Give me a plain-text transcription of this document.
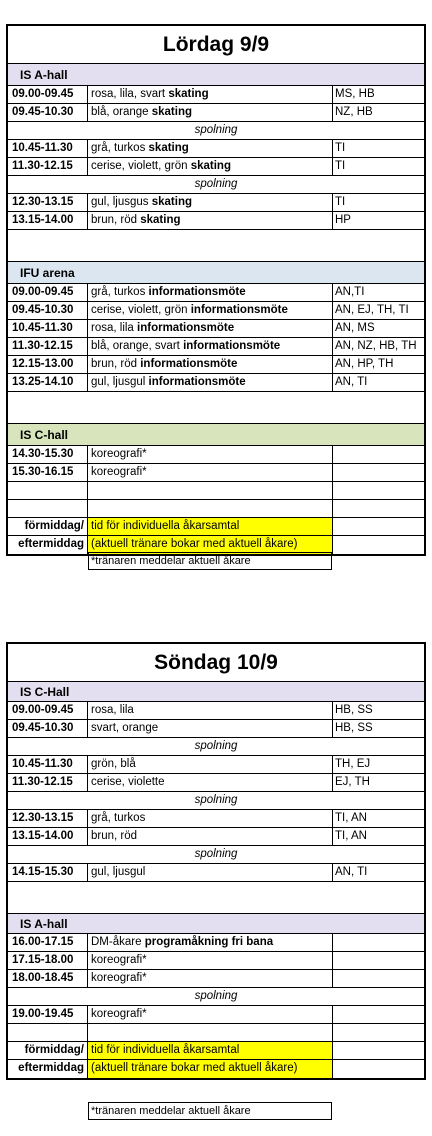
Lördag 9/9
IS A-hall
09.00-09.45	rosa, lila, svart skating	MS, HB
09.45-10.30	blå, orange skating	NZ, HB
spolning
10.45-11.30	grå, turkos skating	TI
11.30-12.15	cerise, violett, grön skating	TI
spolning
12.30-13.15	gul, ljusgus skating	TI
13.15-14.00	brun, röd skating	HP
IFU arena
09.00-09.45	grå, turkos informationsmöte	AN,TI
09.45-10.30	cerise, violett, grön informationsmöte	AN, EJ, TH, TI
10.45-11.30	rosa, lila informationsmöte	AN, MS
11.30-12.15	blå, orange, svart informationsmöte	AN, NZ, HB, TH
12.15-13.00	brun, röd informationsmöte	AN, HP, TH
13.25-14.10	gul, ljusgul informationsmöte	AN, TI
IS C-hall
14.30-15.30	koreografi*
15.30-16.15	koreografi*
förmiddag/ tid för individuella åkarsamtal
eftermiddag (aktuell tränare bokar med aktuell åkare)
*tränaren meddelar aktuell åkare
Söndag 10/9
IS C-Hall
09.00-09.45	rosa, lila	HB, SS
09.45-10.30	svart, orange	HB, SS
spolning
10.45-11.30	grön, blå	TH, EJ
11.30-12.15	cerise, violette	EJ, TH
spolning
12.30-13.15	grå, turkos	TI, AN
13.15-14.00	brun, röd	TI, AN
spolning
14.15-15.30	gul, ljusgul	AN, TI
IS A-hall
16.00-17.15	DM-åkare programåkning fri bana
17.15-18.00	koreografi*
18.00-18.45	koreografi*
spolning
19.00-19.45	koreografi*
förmiddag/ tid för individuella åkarsamtal
eftermiddag (aktuell tränare bokar med aktuell åkare)
*tränaren meddelar aktuell åkare
